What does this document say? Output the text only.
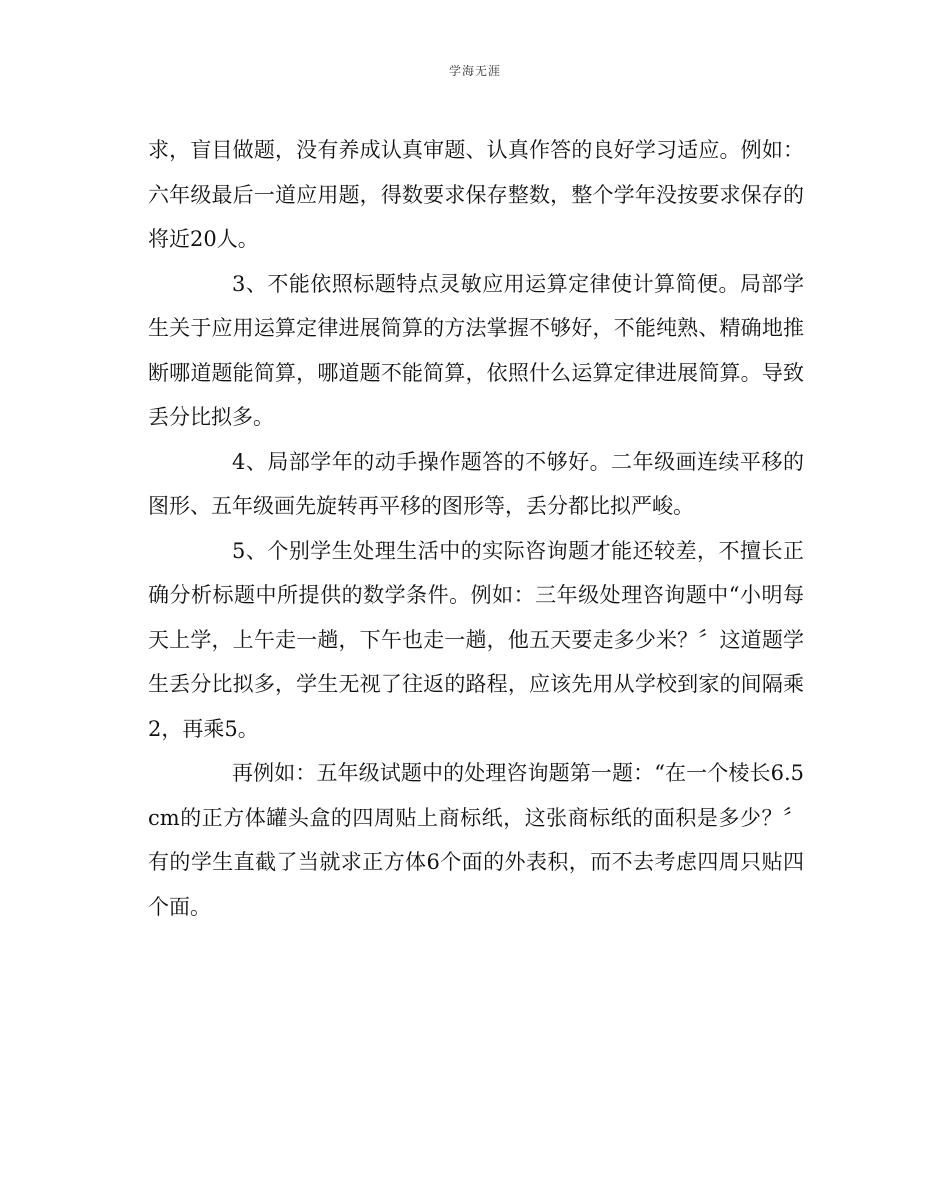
学海无涯

求，盲目做题，没有养成认真审题、认真作答的良好学习适应。例如：六年级最后一道应用题，得数要求保存整数，整个学年没按要求保存的将近20人。

3、不能依照标题特点灵敏应用运算定律使计算简便。局部学生关于应用运算定律进展简算的方法掌握不够好，不能纯熟、精确地推断哪道题能简算，哪道题不能简算，依照什么运算定律进展简算。导致丢分比拟多。

4、局部学年的动手操作题答的不够好。二年级画连续平移的图形、五年级画先旋转再平移的图形等，丢分都比拟严峻。

5、个别学生处理生活中的实际咨询题才能还较差，不擅长正确分析标题中所提供的数学条件。例如：三年级处理咨询题中“小明每天上学，上午走一趟，下午也走一趟，他五天要走多少米？〞这道题学生丢分比拟多，学生无视了往返的路程，应该先用从学校到家的间隔乘2，再乘5。

再例如：五年级试题中的处理咨询题第一题：“在一个棱长6.5cm的正方体罐头盒的四周贴上商标纸，这张商标纸的面积是多少？〞有的学生直截了当就求正方体6个面的外表积，而不去考虑四周只贴四个面。
